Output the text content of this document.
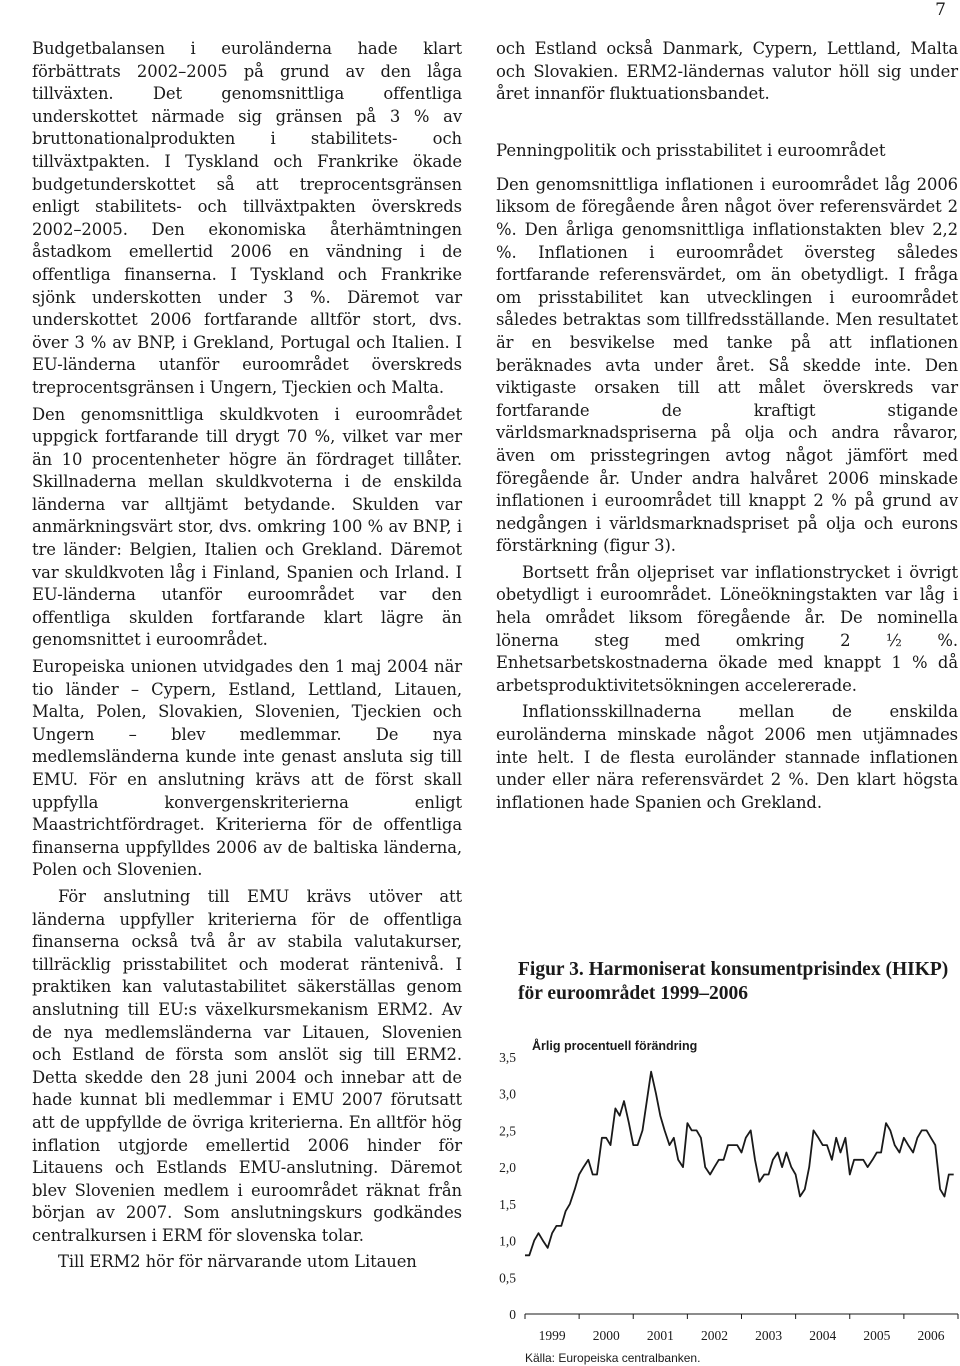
7

Budgetbalansen i euroländerna hade klart förbättrats 2002–2005 på grund av den låga tillväxten. Det genomsnittliga offentliga underskottet närmade sig gränsen på 3 % av bruttonationalprodukten i stabilitets- och tillväxtpakten. I Tyskland och Frankrike ökade budgetunderskottet så att treprocentsgränsen enligt stabilitets- och tillväxtpakten överskreds 2002–2005. Den ekonomiska återhämtningen åstadkom emellertid 2006 en vändning i de offentliga finanserna. I Tyskland och Frankrike sjönk underskotten under 3 %. Däremot var underskottet 2006 fortfarande alltför stort, dvs. över 3 % av BNP, i Grekland, Portugal och Italien. I EU-länderna utanför euroområdet överskreds treprocentsgränsen i Ungern, Tjeckien och Malta.

Den genomsnittliga skuldkvoten i euroområdet uppgick fortfarande till drygt 70 %, vilket var mer än 10 procentenheter högre än fördraget tillåter. Skillnaderna mellan skuldkvoterna i de enskilda länderna var alltjämt betydande. Skulden var anmärkningsvärt stor, dvs. omkring 100 % av BNP, i tre länder: Belgien, Italien och Grekland. Däremot var skuldkvoten låg i Finland, Spanien och Irland. I EU-länderna utanför euroområdet var den offentliga skulden fortfarande klart lägre än genomsnittet i euroområdet.

Europeiska unionen utvidgades den 1 maj 2004 när tio länder – Cypern, Estland, Lettland, Litauen, Malta, Polen, Slovakien, Slovenien, Tjeckien och Ungern – blev medlemmar. De nya medlemsländerna kunde inte genast ansluta sig till EMU. För en anslutning krävs att de först skall uppfylla konvergenskriterierna enligt Maastrichtfördraget. Kriterierna för de offentliga finanserna uppfylldes 2006 av de baltiska länderna, Polen och Slovenien.

För anslutning till EMU krävs utöver att länderna uppfyller kriterierna för de offentliga finanserna också två år av stabila valutakurser, tillräcklig prisstabilitet och moderat räntenivå. I praktiken kan valutastabilitet säkerställas genom anslutning till EU:s växelkursmekanism ERM2. Av de nya medlemsländerna var Litauen, Slovenien och Estland de första som anslöt sig till ERM2. Detta skedde den 28 juni 2004 och innebar att de hade kunnat bli medlemmar i EMU 2007 förutsatt att de uppfyllde de övriga kriterierna. En alltför hög inflation utgjorde emellertid 2006 hinder för Litauens och Estlands EMU-anslutning. Däremot blev Slovenien medlem i euroområdet räknat från början av 2007. Som anslutningskurs godkändes centralkursen i ERM för slovenska tolar.

Till ERM2 hör för närvarande utom Litauen

och Estland också Danmark, Cypern, Lettland, Malta och Slovakien. ERM2-ländernas valutor höll sig under året innanför fluktuationsbandet.

Penningpolitik och prisstabilitet i euroområdet

Den genomsnittliga inflationen i euroområdet låg 2006 liksom de föregående åren något över referensvärdet 2 %. Den årliga genomsnittliga inflationstakten blev 2,2 %. Inflationen i euroområdet översteg således fortfarande referensvärdet, om än obetydligt. I fråga om prisstabilitet kan utvecklingen i euroområdet således betraktas som tillfredsställande. Men resultatet är en besvikelse med tanke på att inflationen beräknades avta under året. Så skedde inte. Den viktigaste orsaken till att målet överskreds var fortfarande de kraftigt stigande världsmarknadspriserna på olja och andra råvaror, även om prisstegringen avtog något jämfört med föregående år. Under andra halvåret 2006 minskade inflationen i euroområdet till knappt 2 % på grund av nedgången i världsmarknadspriset på olja och eurons förstärkning (figur 3).

Bortsett från oljepriset var inflationstrycket i övrigt obetydligt i euroområdet. Löneökningstakten var låg i hela området liksom föregående år. De nominella lönerna steg med omkring 2 ½ %. Enhetsarbetskostnaderna ökade med knappt 1 % då arbetsproduktivitetsökningen accelererade.

Inflationsskillnaderna mellan de enskilda euroländerna minskade något 2006 men utjämnades inte helt. I de flesta euroländer stannade inflationen under eller nära referensvärdet 2 %. Den klart högsta inflationen hade Spanien och Grekland.

Figur 3. Harmoniserat konsumentprisindex (HIKP) för euroområdet 1999–2006
Årlig procentuell förändring
0
0,5
1,0
1,5
2,0
2,5
3,0
3,5
1999 2000 2001 2002 2003 2004 2005 2006
Källa: Europeiska centralbanken.
